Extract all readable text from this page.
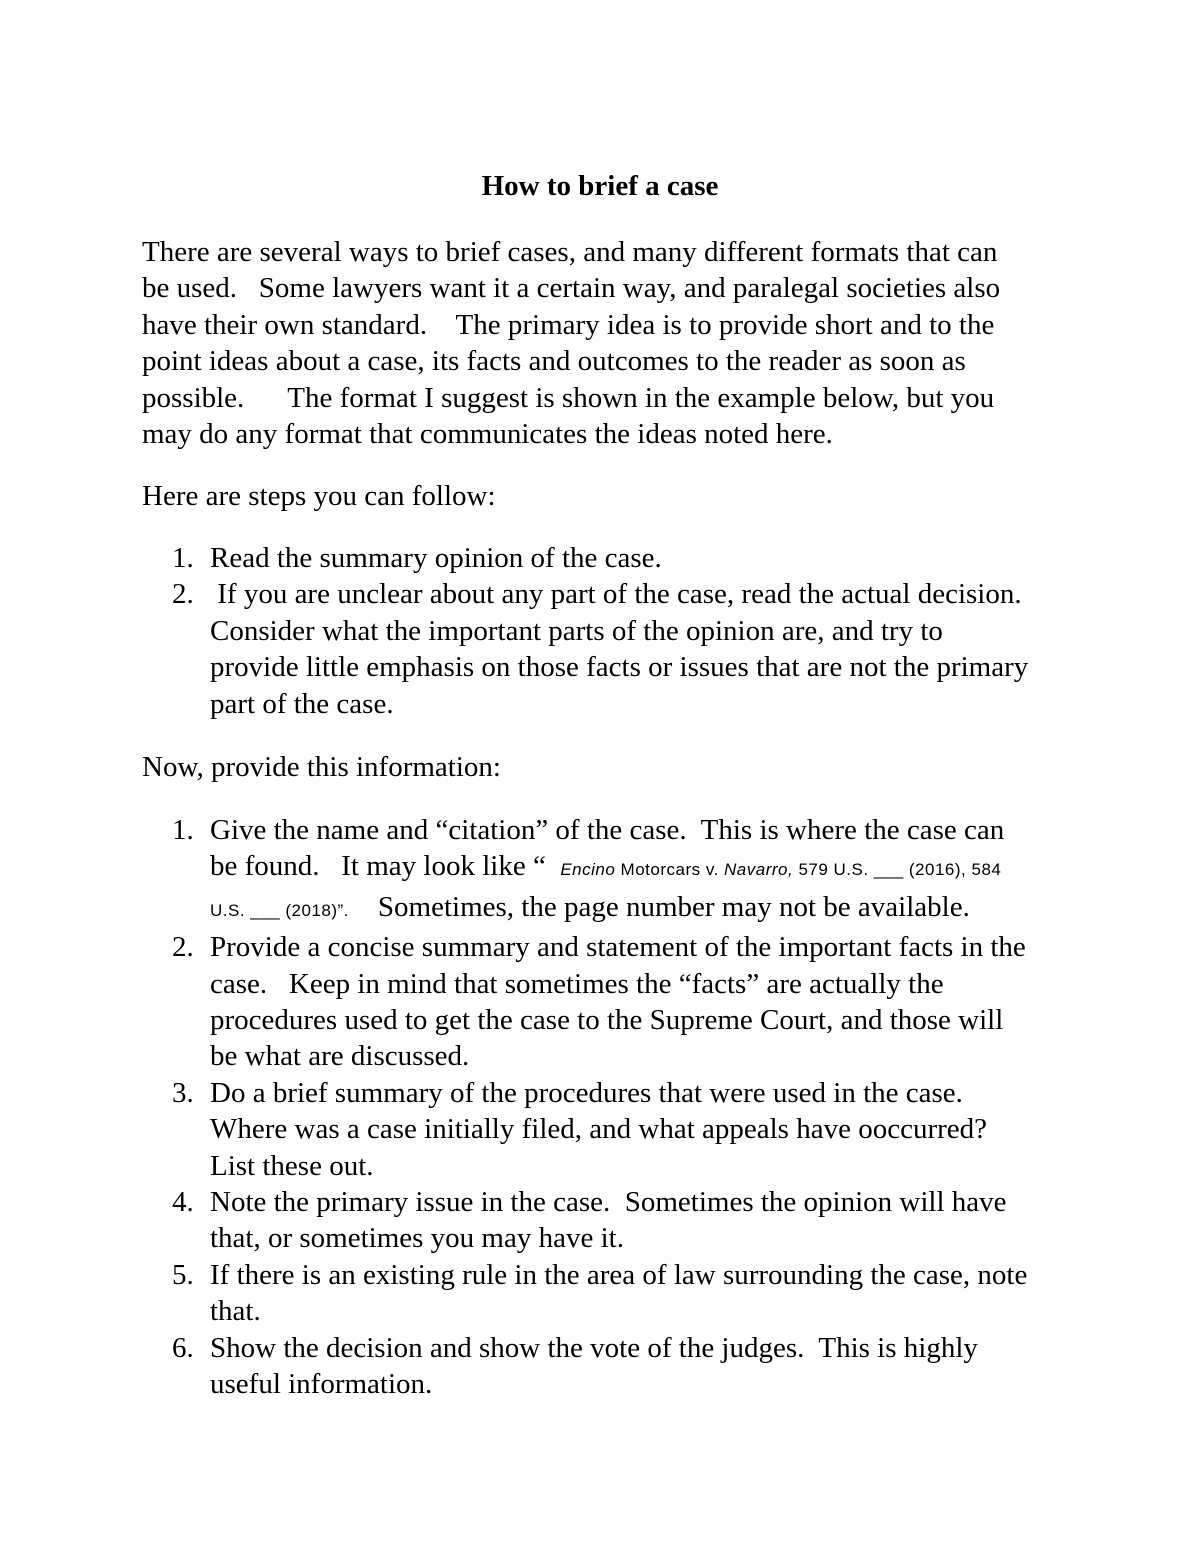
How to brief a case
There are several ways to brief cases, and many different formats that can
be used.   Some lawyers want it a certain way, and paralegal societies also
have their own standard.    The primary idea is to provide short and to the
point ideas about a case, its facts and outcomes to the reader as soon as
possible.      The format I suggest is shown in the example below, but you
may do any format that communicates the ideas noted here.
Here are steps you can follow:
1. Read the summary opinion of the case.
2. If you are unclear about any part of the case, read the actual decision.
Consider what the important parts of the opinion are, and try to
provide little emphasis on those facts or issues that are not the primary
part of the case.
Now, provide this information:
1. Give the name and “citation” of the case.  This is where the case can
be found.   It may look like “ Encino Motorcars v. Navarro, 579 U.S. ___ (2016), 584
U.S. ___ (2018)”.    Sometimes, the page number may not be available.
2. Provide a concise summary and statement of the important facts in the
case.   Keep in mind that sometimes the “facts” are actually the
procedures used to get the case to the Supreme Court, and those will
be what are discussed.
3. Do a brief summary of the procedures that were used in the case.
Where was a case initially filed, and what appeals have ooccurred?
List these out.
4. Note the primary issue in the case.  Sometimes the opinion will have
that, or sometimes you may have it.
5. If there is an existing rule in the area of law surrounding the case, note
that.
6. Show the decision and show the vote of the judges.  This is highly
useful information.
